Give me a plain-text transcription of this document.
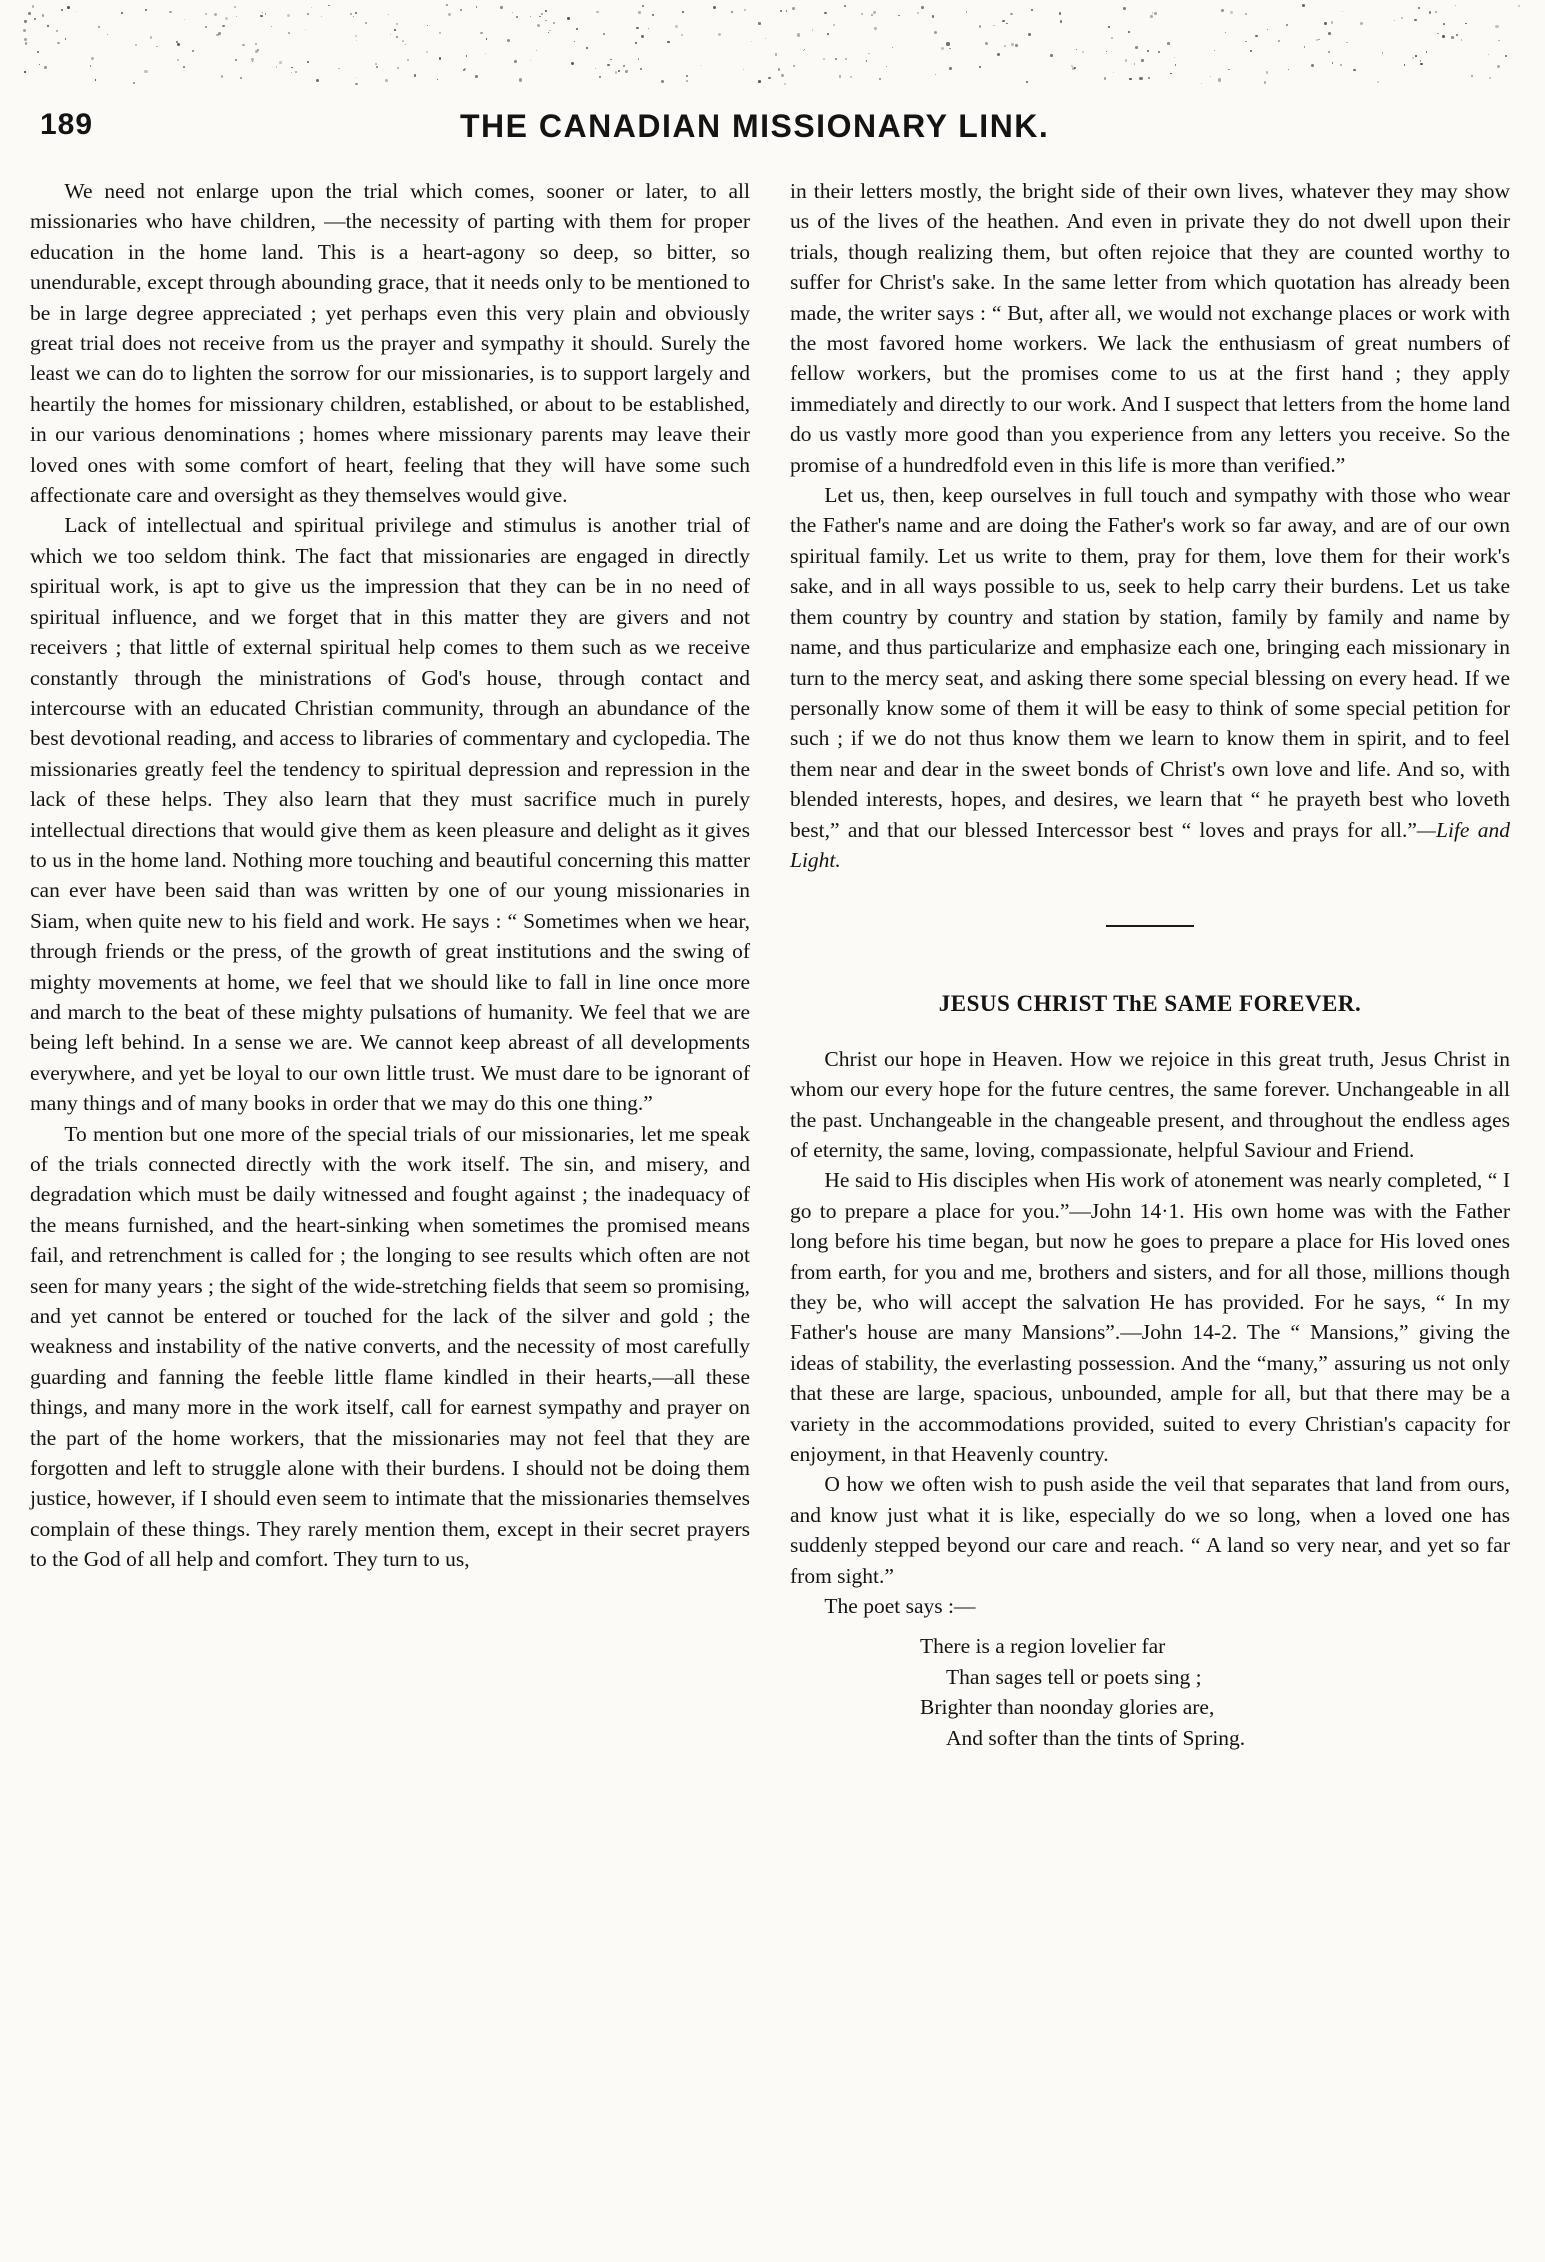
189	THE CANADIAN MISSIONARY LINK.

We need not enlarge upon the trial which comes, sooner or later, to all missionaries who have children, —the necessity of parting with them for proper education in the home land. This is a heart-agony so deep, so bitter, so unendurable, except through abounding grace, that it needs only to be mentioned to be in large degree appreciated ; yet perhaps even this very plain and obviously great trial does not receive from us the prayer and sympathy it should. Surely the least we can do to lighten the sorrow for our missionaries, is to support largely and heartily the homes for missionary children, established, or about to be established, in our various denominations ; homes where missionary parents may leave their loved ones with some comfort of heart, feeling that they will have some such affectionate care and oversight as they themselves would give.

Lack of intellectual and spiritual privilege and stimulus is another trial of which we too seldom think. The fact that missionaries are engaged in directly spiritual work, is apt to give us the impression that they can be in no need of spiritual influence, and we forget that in this matter they are givers and not receivers ; that little of external spiritual help comes to them such as we receive constantly through the ministrations of God's house, through contact and intercourse with an educated Christian community, through an abundance of the best devotional reading, and access to libraries of commentary and cyclopedia. The missionaries greatly feel the tendency to spiritual depression and repression in the lack of these helps. They also learn that they must sacrifice much in purely intellectual directions that would give them as keen pleasure and delight as it gives to us in the home land. Nothing more touching and beautiful concerning this matter can ever have been said than was written by one of our young missionaries in Siam, when quite new to his field and work. He says : “ Sometimes when we hear, through friends or the press, of the growth of great institutions and the swing of mighty movements at home, we feel that we should like to fall in line once more and march to the beat of these mighty pulsations of humanity. We feel that we are being left behind. In a sense we are. We cannot keep abreast of all developments everywhere, and yet be loyal to our own little trust. We must dare to be ignorant of many things and of many books in order that we may do this one thing.”

To mention but one more of the special trials of our missionaries, let me speak of the trials connected directly with the work itself. The sin, and misery, and degradation which must be daily witnessed and fought against ; the inadequacy of the means furnished, and the heart-sinking when sometimes the promised means fail, and retrenchment is called for ; the longing to see results which often are not seen for many years ; the sight of the wide-stretching fields that seem so promising, and yet cannot be entered or touched for the lack of the silver and gold ; the weakness and instability of the native converts, and the necessity of most carefully guarding and fanning the feeble little flame kindled in their hearts,—all these things, and many more in the work itself, call for earnest sympathy and prayer on the part of the home workers, that the missionaries may not feel that they are forgotten and left to struggle alone with their burdens. I should not be doing them justice, however, if I should even seem to intimate that the missionaries themselves complain of these things. They rarely mention them, except in their secret prayers to the God of all help and comfort. They turn to us,

in their letters mostly, the bright side of their own lives, whatever they may show us of the lives of the heathen. And even in private they do not dwell upon their trials, though realizing them, but often rejoice that they are counted worthy to suffer for Christ's sake. In the same letter from which quotation has already been made, the writer says : “ But, after all, we would not exchange places or work with the most favored home workers. We lack the enthusiasm of great numbers of fellow workers, but the promises come to us at the first hand ; they apply immediately and directly to our work. And I suspect that letters from the home land do us vastly more good than you experience from any letters you receive. So the promise of a hundredfold even in this life is more than verified.”

Let us, then, keep ourselves in full touch and sympathy with those who wear the Father's name and are doing the Father's work so far away, and are of our own spiritual family. Let us write to them, pray for them, love them for their work's sake, and in all ways possible to us, seek to help carry their burdens. Let us take them country by country and station by station, family by family and name by name, and thus particularize and emphasize each one, bringing each missionary in turn to the mercy seat, and asking there some special blessing on every head. If we personally know some of them it will be easy to think of some special petition for such ; if we do not thus know them we learn to know them in spirit, and to feel them near and dear in the sweet bonds of Christ's own love and life. And so, with blended interests, hopes, and desires, we learn that “ he prayeth best who loveth best,” and that our blessed Intercessor best “ loves and prays for all.”—Life and Light.

JESUS CHRIST ThE SAME FOREVER.

Christ our hope in Heaven. How we rejoice in this great truth, Jesus Christ in whom our every hope for the future centres, the same forever. Unchangeable in all the past. Unchangeable in the changeable present, and throughout the endless ages of eternity, the same, loving, compassionate, helpful Saviour and Friend.

He said to His disciples when His work of atonement was nearly completed, “ I go to prepare a place for you.”—John 14·1. His own home was with the Father long before his time began, but now he goes to prepare a place for His loved ones from earth, for you and me, brothers and sisters, and for all those, millions though they be, who will accept the salvation He has provided. For he says, “ In my Father's house are many Mansions”.—John 14-2. The “ Mansions,” giving the ideas of stability, the everlasting possession. And the “many,” assuring us not only that these are large, spacious, unbounded, ample for all, but that there may be a variety in the accommodations provided, suited to every Christian's capacity for enjoyment, in that Heavenly country.

O how we often wish to push aside the veil that separates that land from ours, and know just what it is like, especially do we so long, when a loved one has suddenly stepped beyond our care and reach. “ A land so very near, and yet so far from sight.”

The poet says :—

There is a region lovelier far
Than sages tell or poets sing ;
Brighter than noonday glories are,
And softer than the tints of Spring.
